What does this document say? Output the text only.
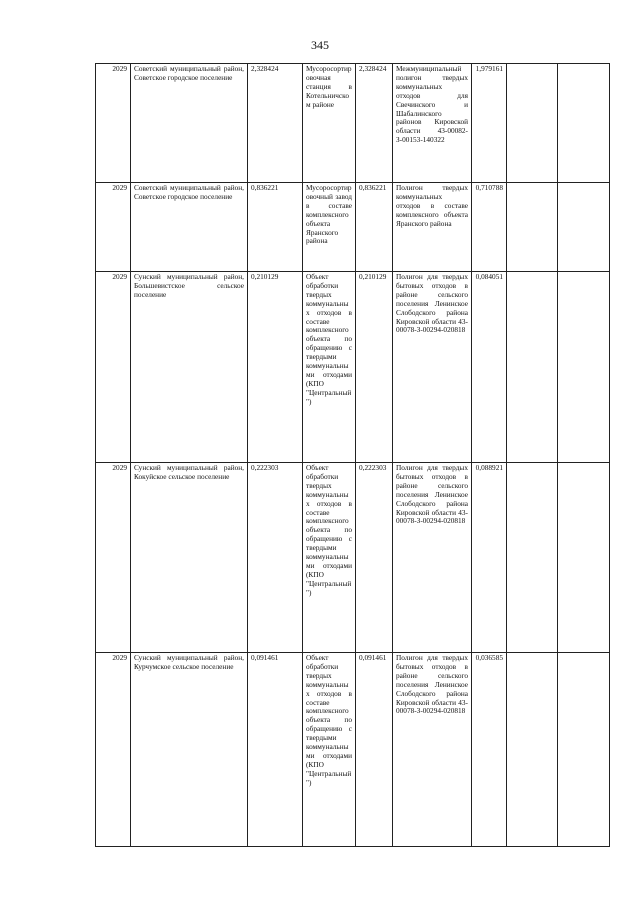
345
2029	Советский муниципальный район, Советское городское поселение	2,328424	Мусоросортировочная станция в Котельничском районе	2,328424	Межмуниципальный полигон твердых коммунальных отходов для Свечинского и Шабалинского районов Кировской области 43-00082-З-00153-140322	1,979161		
2029	Советский муниципальный район, Советское городское поселение	0,836221	Мусоросортировочный завод в составе комплексного объекта Яранского района	0,836221	Полигон твердых коммунальных отходов в составе комплексного объекта Яранского района	0,710788		
2029	Сунский муниципальный район, Большевистское сельское поселение	0,210129	Объект обработки твердых коммунальных отходов в составе комплексного объекта по обращению с твердыми коммунальными отходами (КПО "Центральный")	0,210129	Полигон для твердых бытовых отходов в районе сельского поселения Ленинское Слободского района Кировской области 43-00078-З-00294-020818	0,084051		
2029	Сунский муниципальный район, Кокуйское сельское поселение	0,222303	Объект обработки твердых коммунальных отходов в составе комплексного объекта по обращению с твердыми коммунальными отходами (КПО "Центральный")	0,222303	Полигон для твердых бытовых отходов в районе сельского поселения Ленинское Слободского района Кировской области 43-00078-З-00294-020818	0,088921		
2029	Сунский муниципальный район, Курчумское сельское поселение	0,091461	Объект обработки твердых коммунальных отходов в составе комплексного объекта по обращению с твердыми коммунальными отходами (КПО "Центральный")	0,091461	Полигон для твердых бытовых отходов в районе сельского поселения Ленинское Слободского района Кировской области 43-00078-З-00294-020818	0,036585		
